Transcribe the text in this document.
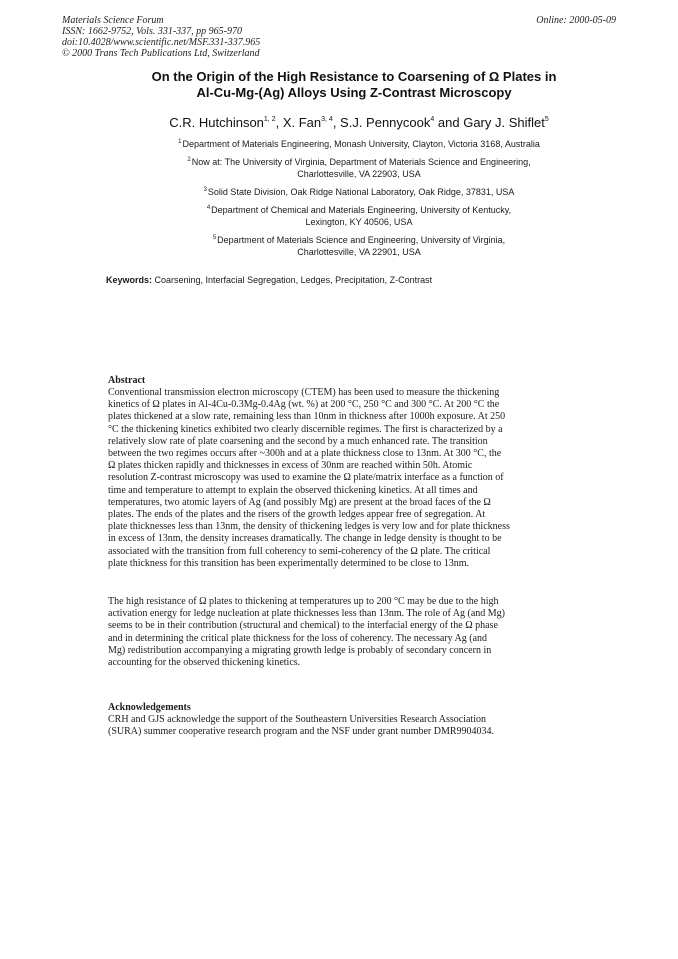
Materials Science Forum
ISSN: 1662-9752, Vols. 331-337, pp 965-970
doi:10.4028/www.scientific.net/MSF.331-337.965
© 2000 Trans Tech Publications Ltd, Switzerland
Online: 2000-05-09
On the Origin of the High Resistance to Coarsening of Ω Plates in
Al-Cu-Mg-(Ag) Alloys Using Z-Contrast Microscopy
C.R. Hutchinson$^{1, 2}$, X. Fan$^{3, 4}$, S.J. Pennycook$^4$ and Gary J. Shiflet$^5$
$^1$Department of Materials Engineering, Monash University, Clayton, Victoria 3168, Australia
$^2$Now at: The University of Virginia, Department of Materials Science and Engineering,
Charlottesville, VA 22903, USA
$^3$Solid State Division, Oak Ridge National Laboratory, Oak Ridge, 37831, USA
$^4$Department of Chemical and Materials Engineering, University of Kentucky,
Lexington, KY 40506, USA
$^5$Department of Materials Science and Engineering, University of Virginia,
Charlottesville, VA 22901, USA
Keywords: Coarsening, Interfacial Segregation, Ledges, Precipitation, Z-Contrast
Abstract
Conventional transmission electron microscopy (CTEM) has been used to measure the thickening
kinetics of Ω plates in Al-4Cu-0.3Mg-0.4Ag (wt. %) at 200 °C, 250 °C and 300 °C. At 200 °C the
plates thickened at a slow rate, remaining less than 10nm in thickness after 1000h exposure. At 250
°C the thickening kinetics exhibited two clearly discernible regimes. The first is characterized by a
relatively slow rate of plate coarsening and the second by a much enhanced rate. The transition
between the two regimes occurs after ~300h and at a plate thickness close to 13nm. At 300 °C, the
Ω plates thicken rapidly and thicknesses in excess of 30nm are reached within 50h. Atomic
resolution Z-contrast microscopy was used to examine the Ω plate/matrix interface as a function of
time and temperature to attempt to explain the observed thickening kinetics. At all times and
temperatures, two atomic layers of Ag (and possibly Mg) are present at the broad faces of the Ω
plates. The ends of the plates and the risers of the growth ledges appear free of segregation. At
plate thicknesses less than 13nm, the density of thickening ledges is very low and for plate thickness
in excess of 13nm, the density increases dramatically. The change in ledge density is thought to be
associated with the transition from full coherency to semi-coherency of the Ω plate. The critical
plate thickness for this transition has been experimentally determined to be close to 13nm.
The high resistance of Ω plates to thickening at temperatures up to 200 °C may be due to the high
activation energy for ledge nucleation at plate thicknesses less than 13nm. The role of Ag (and Mg)
seems to be in their contribution (structural and chemical) to the interfacial energy of the Ω phase
and in determining the critical plate thickness for the loss of coherency. The necessary Ag (and
Mg) redistribution accompanying a migrating growth ledge is probably of secondary concern in
accounting for the observed thickening kinetics.
Acknowledgements
CRH and GJS acknowledge the support of the Southeastern Universities Research Association
(SURA) summer cooperative research program and the NSF under grant number DMR9904034.
